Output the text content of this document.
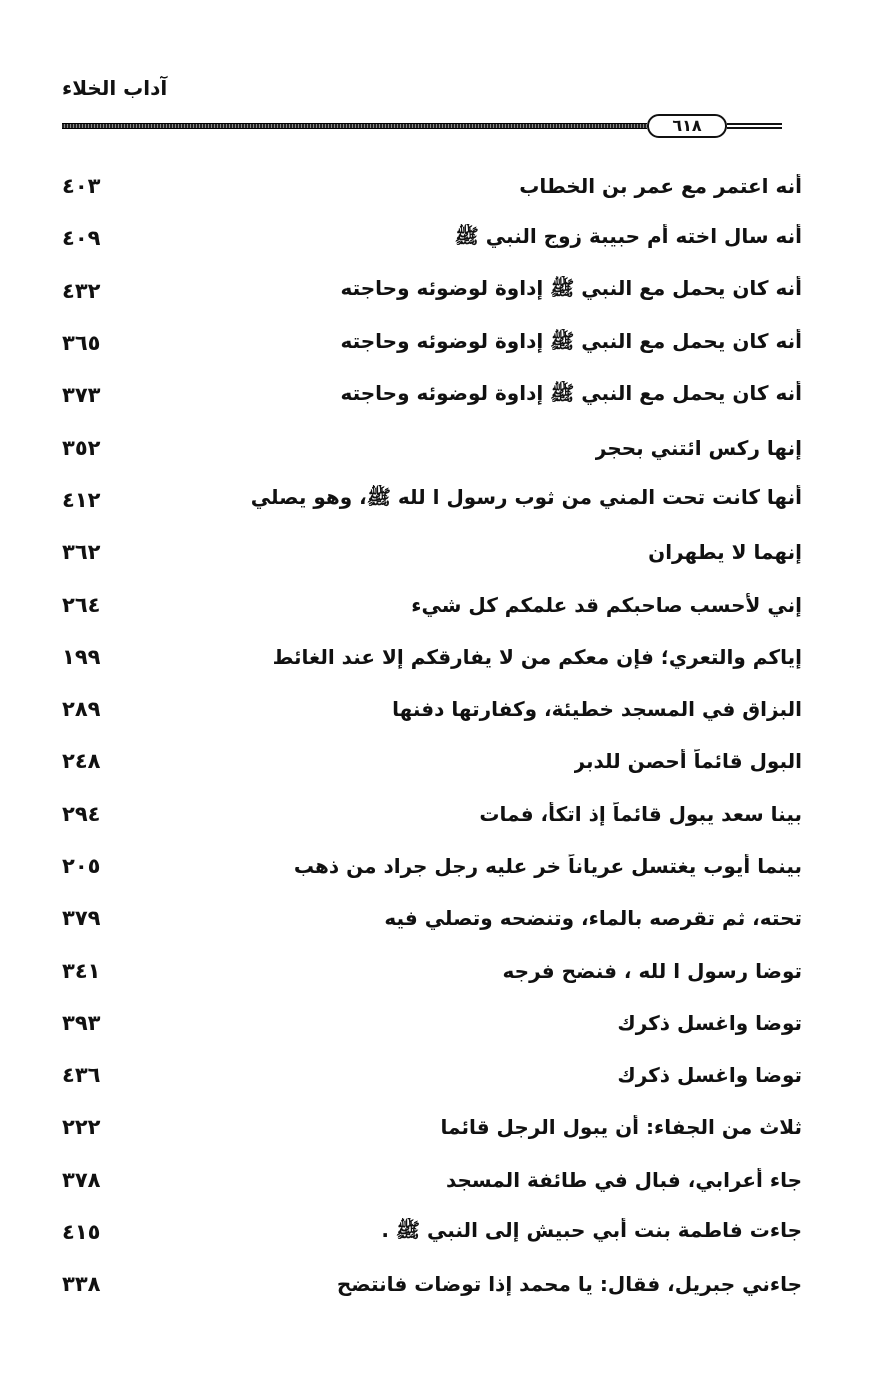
آداب الخلاء
٦١٨
٤٠٣	أنه اعتمر مع عمر بن الخطاب
٤٠٩	أنه سال اخته أم حبيبة زوج النبي ﷺ
٤٣٢	أنه كان يحمل مع النبي ﷺ إداوة لوضوئه وحاجته
٣٦٥	أنه كان يحمل مع النبي ﷺ إداوة لوضوئه وحاجته
٣٧٣	أنه كان يحمل مع النبي ﷺ إداوة لوضوئه وحاجته
٣٥٢	إنها ركس ائتني بحجر
٤١٢	أنها كانت تحت المني من ثوب رسول ا لله ﷺ، وهو يصلي
٣٦٢	إنهما لا يطهران
٢٦٤	إني لأحسب صاحبكم قد علمكم كل شيء
١٩٩	إياكم والتعري؛ فإن معكم من لا يفارقكم إلا عند الغائط
٢٨٩	البزاق في المسجد خطيئة، وكفارتها دفنها
٢٤٨	البول قائماً أحصن للدبر
٢٩٤	بينا سعد يبول قائماً إذ اتكأ، فمات
٢٠٥	بينما أيوب يغتسل عرياناً خر عليه رجل جراد من ذهب
٣٧٩	تحته، ثم تقرصه بالماء، وتنضحه وتصلي فيه
٣٤١	توضا رسول ا لله ، فنضح فرجه
٣٩٣	توضا واغسل ذكرك
٤٣٦	توضا واغسل ذكرك
٢٢٢	ثلاث من الجفاء: أن يبول الرجل قائما
٣٧٨	جاء أعرابي، فبال في طائفة المسجد
٤١٥	جاءت فاطمة بنت أبي حبيش إلى النبي ﷺ .
٣٣٨	جاءني جبريل، فقال: يا محمد إذا توضات فانتضح
